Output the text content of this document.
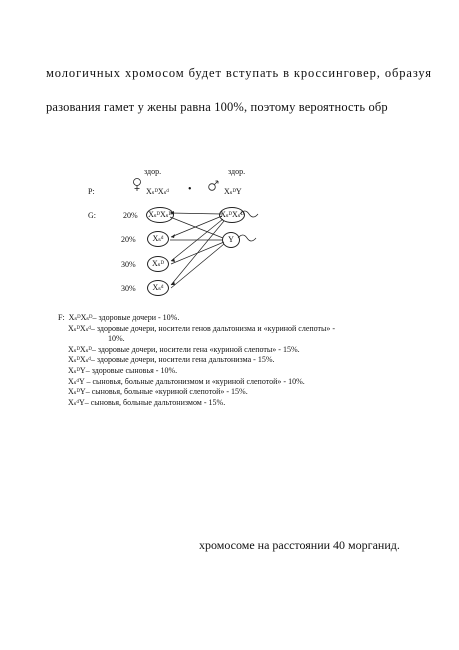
мологичных хромосом будет вступать в кроссинговер, образуя
разования гамет у жены равна 100%, поэтому вероятность обр
здор.	здор.
P:	XₛᴰXₛᵈ •	XₛᴰY
G:	20% XₛᴰXₛᴰ
20%	Xₛᵈ
30%	Xₛᴰ
30%	Xₛᵈ
XₛᴰXₛᴰ
Y
F: XₛᴰXₛᴰ– здоровые дочери - 10%.
XₛᴰXₛᵈ– здоровые дочери, носители генов дальтонизма и «куриной слепоты» -
10%.
XₛᴰXₛᴰ– здоровые дочери, носители гена «куриной слепоты» - 15%.
XₛᴰXₛᵈ– здоровые дочери, носители гена дальтонизма - 15%.
XₛᴰY– здоровые сыновья - 10%.
XₛᵈY – сыновья, больные дальтонизмом и «куриной слепотой» - 10%.
XₛᴰY– сыновья, больные «куриной слепотой» - 15%.
XₛᵈY– сыновья, больные дальтонизмом - 15%.
хромосоме на расстоянии 40 морганид.
